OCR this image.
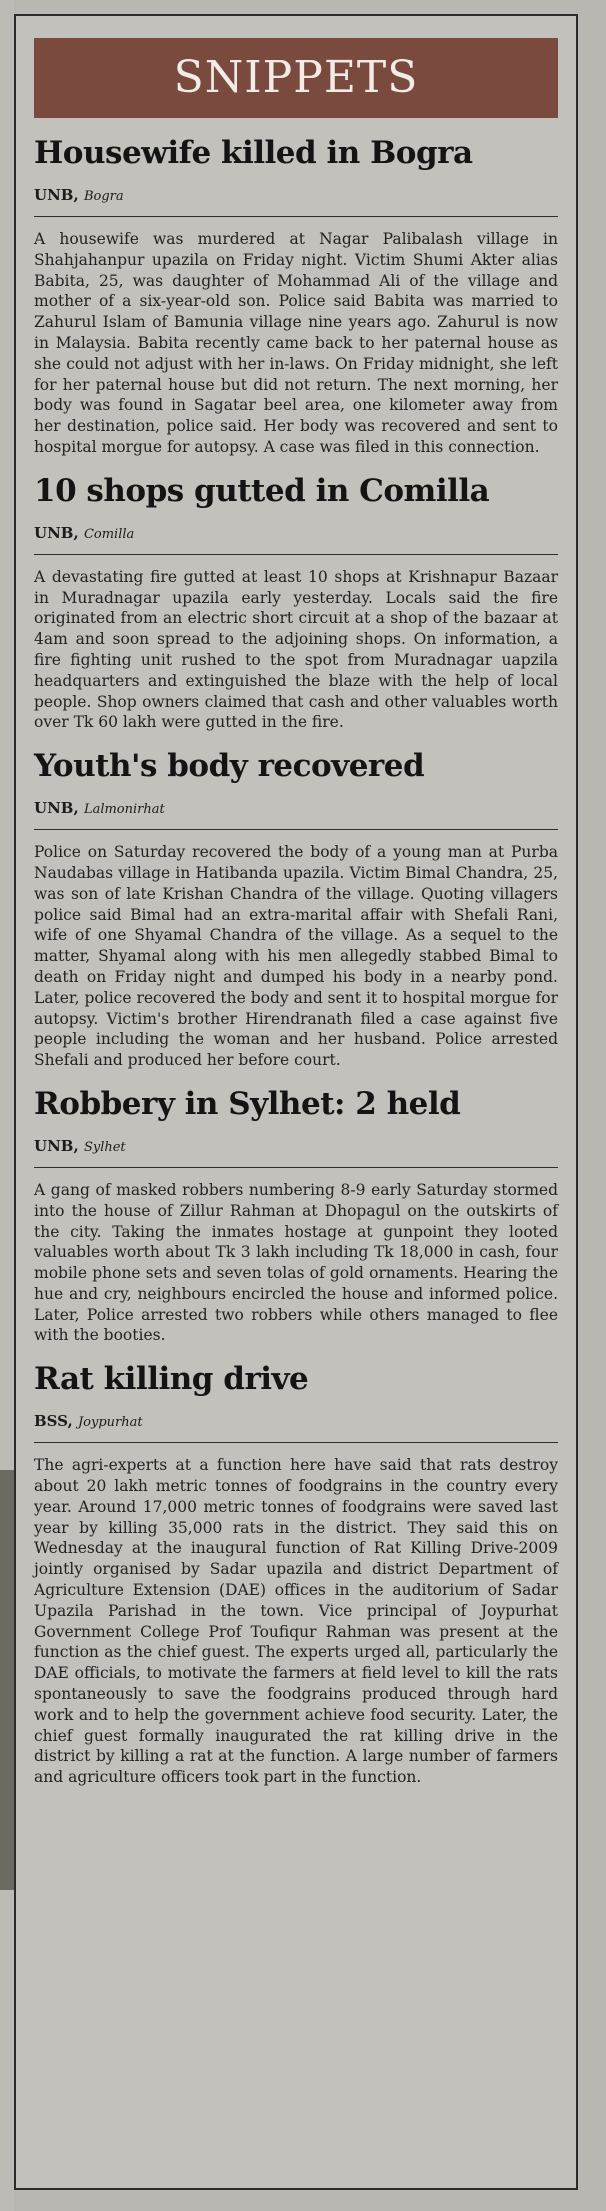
SNIPPETS
Housewife killed in Bogra
UNB, Bogra

A housewife was murdered at Nagar Palibalash village in Shahjahanpur upazila on Friday night. Victim Shumi Akter alias Babita, 25, was daughter of Mohammad Ali of the village and mother of a six-year-old son. Police said Babita was married to Zahurul Islam of Bamunia village nine years ago. Zahurul is now in Malaysia. Babita recently came back to her paternal house as she could not adjust with her in-laws. On Friday midnight, she left for her paternal house but did not return. The next morning, her body was found in Sagatar beel area, one kilometer away from her destination, police said. Her body was recovered and sent to hospital morgue for autopsy. A case was filed in this connection.

10 shops gutted in Comilla
UNB, Comilla

A devastating fire gutted at least 10 shops at Krishnapur Bazaar in Muradnagar upazila early yesterday. Locals said the fire originated from an electric short circuit at a shop of the bazaar at 4am and soon spread to the adjoining shops. On information, a fire fighting unit rushed to the spot from Muradnagar uapzila headquarters and extinguished the blaze with the help of local people. Shop owners claimed that cash and other valuables worth over Tk 60 lakh were gutted in the fire.

Youth's body recovered
UNB, Lalmonirhat

Police on Saturday recovered the body of a young man at Purba Naudabas village in Hatibanda upazila. Victim Bimal Chandra, 25, was son of late Krishan Chandra of the village. Quoting villagers police said Bimal had an extra-marital affair with Shefali Rani, wife of one Shyamal Chandra of the village. As a sequel to the matter, Shyamal along with his men allegedly stabbed Bimal to death on Friday night and dumped his body in a nearby pond. Later, police recovered the body and sent it to hospital morgue for autopsy. Victim's brother Hirendranath filed a case against five people including the woman and her husband. Police arrested Shefali and produced her before court.

Robbery in Sylhet: 2 held
UNB, Sylhet

A gang of masked robbers numbering 8-9 early Saturday stormed into the house of Zillur Rahman at Dhopagul on the outskirts of the city. Taking the inmates hostage at gunpoint they looted valuables worth about Tk 3 lakh including Tk 18,000 in cash, four mobile phone sets and seven tolas of gold ornaments. Hearing the hue and cry, neighbours encircled the house and informed police. Later, Police arrested two robbers while others managed to flee with the booties.

Rat killing drive
BSS, Joypurhat

The agri-experts at a function here have said that rats destroy about 20 lakh metric tonnes of foodgrains in the country every year. Around 17,000 metric tonnes of foodgrains were saved last year by killing 35,000 rats in the district. They said this on Wednesday at the inaugural function of Rat Killing Drive-2009 jointly organised by Sadar upazila and district Department of Agriculture Extension (DAE) offices in the auditorium of Sadar Upazila Parishad in the town. Vice principal of Joypurhat Government College Prof Toufiqur Rahman was present at the function as the chief guest. The experts urged all, particularly the DAE officials, to motivate the farmers at field level to kill the rats spontaneously to save the foodgrains produced through hard work and to help the government achieve food security. Later, the chief guest formally inaugurated the rat killing drive in the district by killing a rat at the function. A large number of farmers and agriculture officers took part in the function.
